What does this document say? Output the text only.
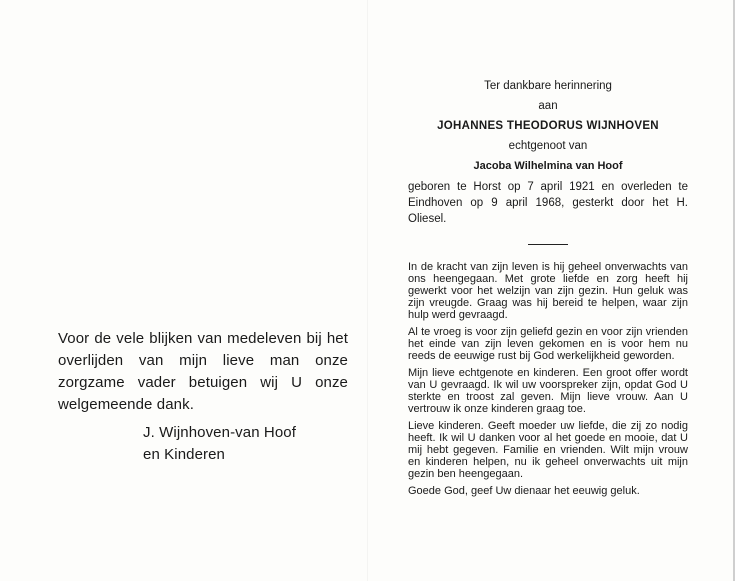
Voor de vele blijken van medeleven bij het overlijden van mijn lieve man onze zorgzame vader betuigen wij U onze welgemeende dank.

J. Wijnhoven-van Hoof
en Kinderen
Ter dankbare herinnering
aan
JOHANNES THEODORUS WIJNHOVEN
echtgenoot van
Jacoba Wilhelmina van Hoof
geboren te Horst op 7 april 1921 en overleden te Eindhoven op 9 april 1968, gesterkt door het H. Oliesel.

In de kracht van zijn leven is hij geheel onverwachts van ons heengegaan. Met grote liefde en zorg heeft hij gewerkt voor het welzijn van zijn gezin. Hun geluk was zijn vreugde. Graag was hij bereid te helpen, waar zijn hulp werd gevraagd.

Al te vroeg is voor zijn geliefd gezin en voor zijn vrienden het einde van zijn leven gekomen en is voor hem nu reeds de eeuwige rust bij God werkelijkheid geworden.

Mijn lieve echtgenote en kinderen. Een groot offer wordt van U gevraagd. Ik wil uw voorspreker zijn, opdat God U sterkte en troost zal geven. Mijn lieve vrouw. Aan U vertrouw ik onze kinderen graag toe.

Lieve kinderen. Geeft moeder uw liefde, die zij zo nodig heeft. Ik wil U danken voor al het goede en mooie, dat U mij hebt gegeven. Familie en vrienden. Wilt mijn vrouw en kinderen helpen, nu ik geheel onverwachts uit mijn gezin ben heengegaan.

Goede God, geef Uw dienaar het eeuwig geluk.
